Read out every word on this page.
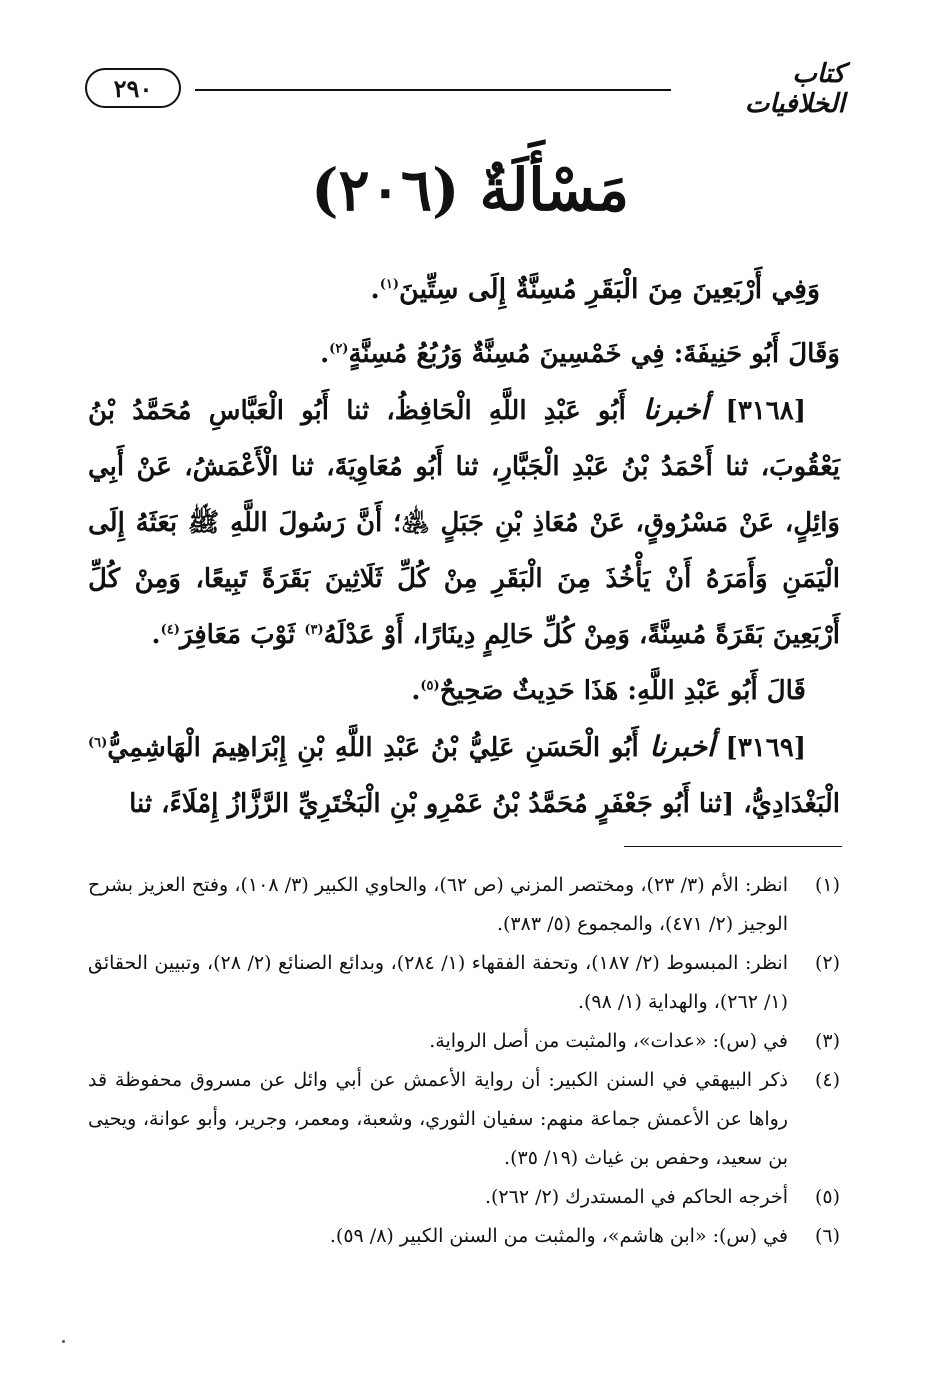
٢٩٠	كتاب الخلافيات
مَسْأَلَةٌ (٢٠٦)

وَفِي أَرْبَعِينَ مِنَ الْبَقَرِ مُسِنَّةٌ إِلَى سِتِّينَ$^{(١)}$.

وَقَالَ أَبُو حَنِيفَةَ: فِي خَمْسِينَ مُسِنَّةٌ وَرُبُعُ مُسِنَّةٍ$^{(٢)}$.

[٣١٦٨] أخبرنا أَبُو عَبْدِ اللَّهِ الْحَافِظُ، ثنا أَبُو الْعَبَّاسِ مُحَمَّدُ بْنُ يَعْقُوبَ، ثنا أَحْمَدُ بْنُ عَبْدِ الْجَبَّارِ، ثنا أَبُو مُعَاوِيَةَ، ثنا الْأَعْمَشُ، عَنْ أَبِي وَائِلٍ، عَنْ مَسْرُوقٍ، عَنْ مُعَاذِ بْنِ جَبَلٍ ﵁؛ أَنَّ رَسُولَ اللَّهِ ﷺ بَعَثَهُ إِلَى الْيَمَنِ وَأَمَرَهُ أَنْ يَأْخُذَ مِنَ الْبَقَرِ مِنْ كُلِّ ثَلَاثِينَ بَقَرَةً تَبِيعًا، وَمِنْ كُلِّ أَرْبَعِينَ بَقَرَةً مُسِنَّةً، وَمِنْ كُلِّ حَالِمٍ دِينَارًا، أَوْ عَدْلَهُ$^{(٣)}$ ثَوْبَ مَعَافِرَ$^{(٤)}$.

قَالَ أَبُو عَبْدِ اللَّهِ: هَذَا حَدِيثٌ صَحِيحٌ$^{(٥)}$.

[٣١٦٩] أخبرنا أَبُو الْحَسَنِ عَلِيُّ بْنُ عَبْدِ اللَّهِ بْنِ إِبْرَاهِيمَ الْهَاشِمِيُّ$^{(٦)}$ الْبَغْدَادِيُّ، [ثنا أَبُو جَعْفَرٍ مُحَمَّدُ بْنُ عَمْرِو بْنِ الْبَخْتَرِيِّ الرَّزَّازُ إِمْلَاءً، ثنا

(١)
انظر: الأم (٣/ ٢٣)، ومختصر المزني (ص ٦٢)، والحاوي الكبير (٣/ ١٠٨)، وفتح العزيز بشرح الوجيز (٢/ ٤٧١)، والمجموع (٥/ ٣٨٣).
(٢)
انظر: المبسوط (٢/ ١٨٧)، وتحفة الفقهاء (١/ ٢٨٤)، وبدائع الصنائع (٢/ ٢٨)، وتبيين الحقائق (١/ ٢٦٢)، والهداية (١/ ٩٨).
(٣)
في (س): «عدات»، والمثبت من أصل الرواية.
(٤)
ذكر البيهقي في السنن الكبير: أن رواية الأعمش عن أبي وائل عن مسروق محفوظة قد رواها عن الأعمش جماعة منهم: سفيان الثوري، وشعبة، ومعمر، وجرير، وأبو عوانة، ويحيى بن سعيد، وحفص بن غياث (١٩/ ٣٥).
(٥)
أخرجه الحاكم في المستدرك (٢/ ٢٦٢).
(٦)
في (س): «ابن هاشم»، والمثبت من السنن الكبير (٨/ ٥٩).
